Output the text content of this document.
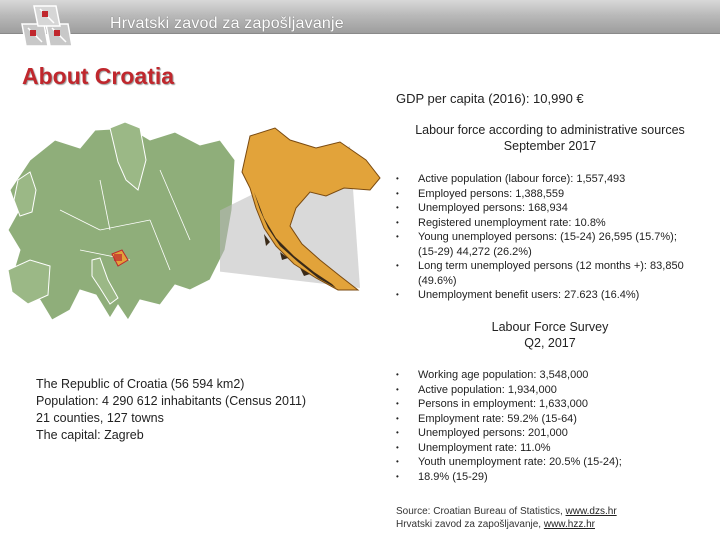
Hrvatski zavod za zapošljavanje
About Croatia
GDP per capita (2016): 10,990 €
Labour force according to administrative sources
September 2017
• Active population (labour force): 1,557,493
• Employed persons: 1,388,559
• Unemployed persons: 168,934
• Registered unemployment rate: 10.8%
• Young unemployed persons: (15-24) 26,595 (15.7%); (15-29) 44,272 (26.2%)
• Long term unemployed persons (12 months +): 83,850 (49.6%)
• Unemployment benefit users: 27.623 (16.4%)
Labour Force Survey
Q2, 2017
The Republic of Croatia (56 594 km2)
Population: 4 290 612 inhabitants (Census 2011)
21 counties, 127 towns
The capital: Zagreb
• Working age population: 3,548,000
• Active population: 1,934,000
• Persons in employment: 1,633,000
• Employment rate: 59.2% (15-64)
• Unemployed persons: 201,000
• Unemployment rate: 11.0%
• Youth unemployment rate: 20.5% (15-24);
• 18.9% (15-29)
Source: Croatian Bureau of Statistics, www.dzs.hr
Hrvatski zavod za zapošljavanje, www.hzz.hr
